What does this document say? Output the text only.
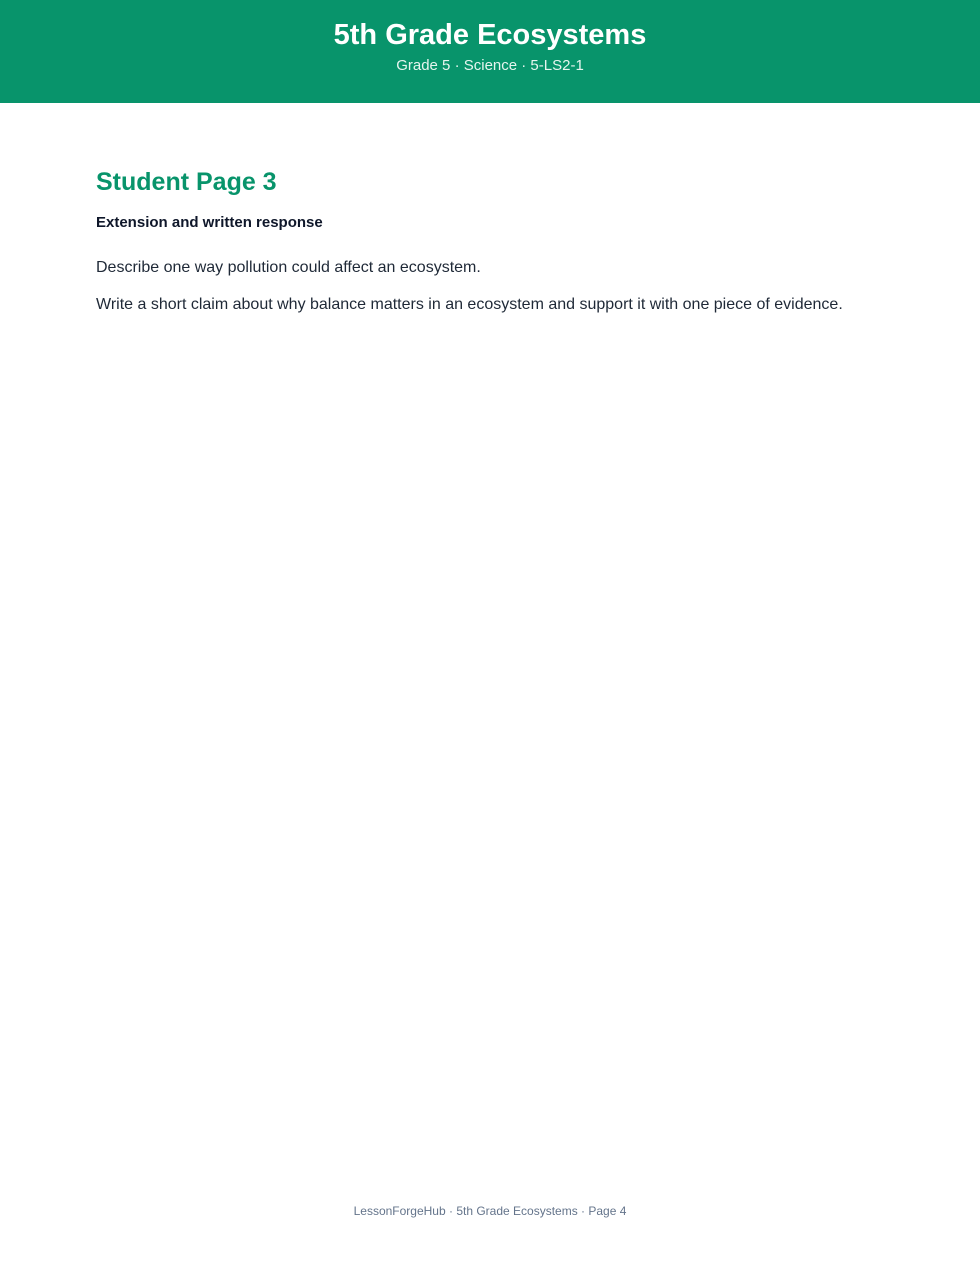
5th Grade Ecosystems
Grade 5 · Science · 5-LS2-1
Student Page 3
Extension and written response

Describe one way pollution could affect an ecosystem.

Write a short claim about why balance matters in an ecosystem and support it with one piece of evidence.

LessonForgeHub · 5th Grade Ecosystems · Page 4
